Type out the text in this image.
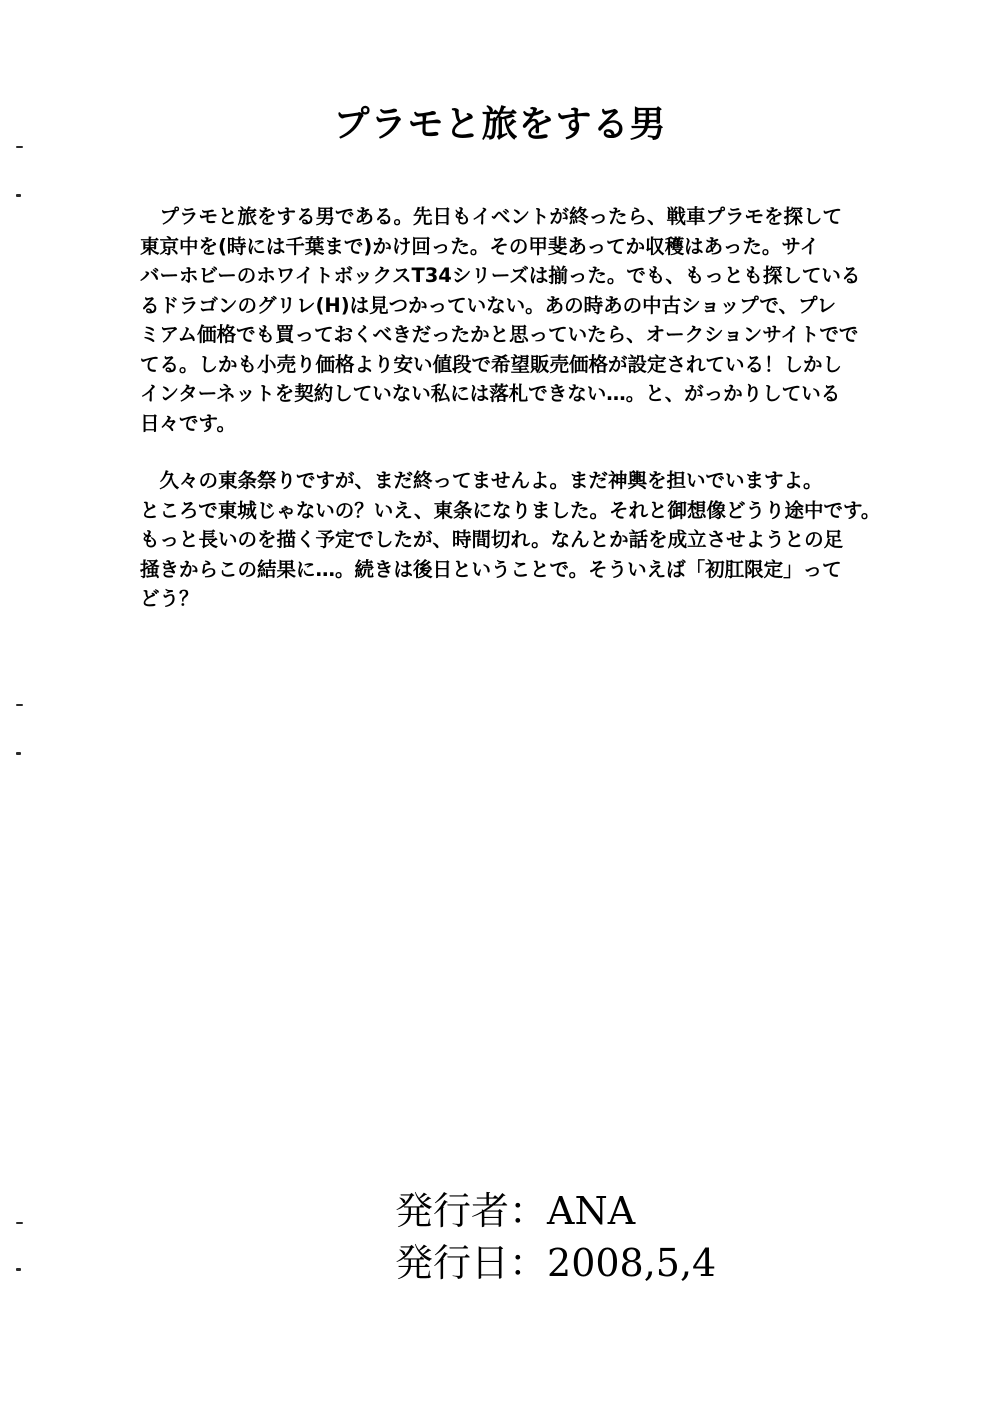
プラモと旅をする男

　プラモと旅をする男である。先日もイベントが終ったら、戦車プラモを探して
東京中を(時には千葉まで)かけ回った。その甲斐あってか収穫はあった。サイ
バーホビーのホワイトボックスT34シリーズは揃った。でも、もっとも探している
るドラゴンのグリレ(H)は見つかっていない。あの時あの中古ショップで、プレ
ミアム価格でも買っておくべきだったかと思っていたら、オークションサイトでで
てる。しかも小売り価格より安い値段で希望販売価格が設定されている！しかし
インターネットを契約していない私には落札できない…。と、がっかりしている
日々です。

　久々の東条祭りですが、まだ終ってませんよ。まだ神輿を担いでいますよ。
ところで東城じゃないの？いえ、東条になりました。それと御想像どうり途中です。
もっと長いのを描く予定でしたが、時間切れ。なんとか話を成立させようとの足
掻きからこの結果に…。続きは後日ということで。そういえば「初肛限定」って
どう？

発行者：ANA
発行日：2008,5,4
